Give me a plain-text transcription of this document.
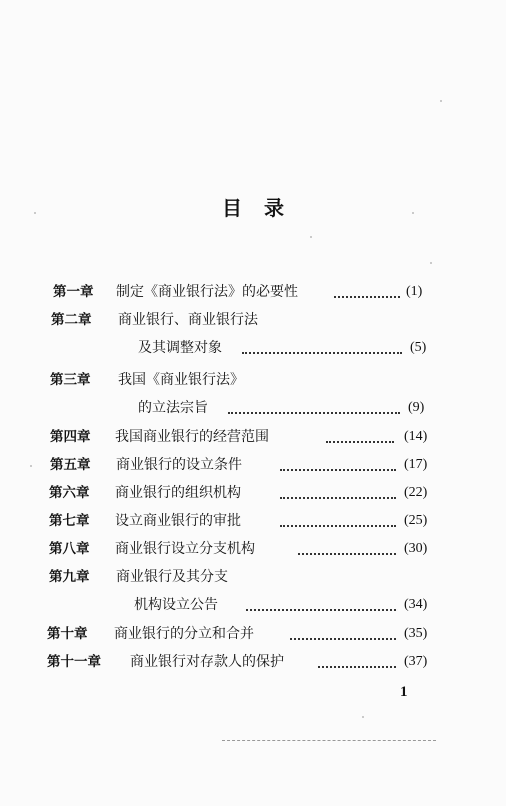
目 录
第一章 制定《商业银行法》的必要性	(1)
第二章 商业银行、商业银行法
及其调整对象	(5)
第三章 我国《商业银行法》
的立法宗旨	(9)
第四章 我国商业银行的经营范围	(14)
第五章 商业银行的设立条件	(17)
第六章 商业银行的组织机构	(22)
第七章 设立商业银行的审批	(25)
第八章 商业银行设立分支机构	(30)
第九章 商业银行及其分支
机构设立公告	(34)
第十章 商业银行的分立和合并	(35)
第十一章 商业银行对存款人的保护	(37)
1
